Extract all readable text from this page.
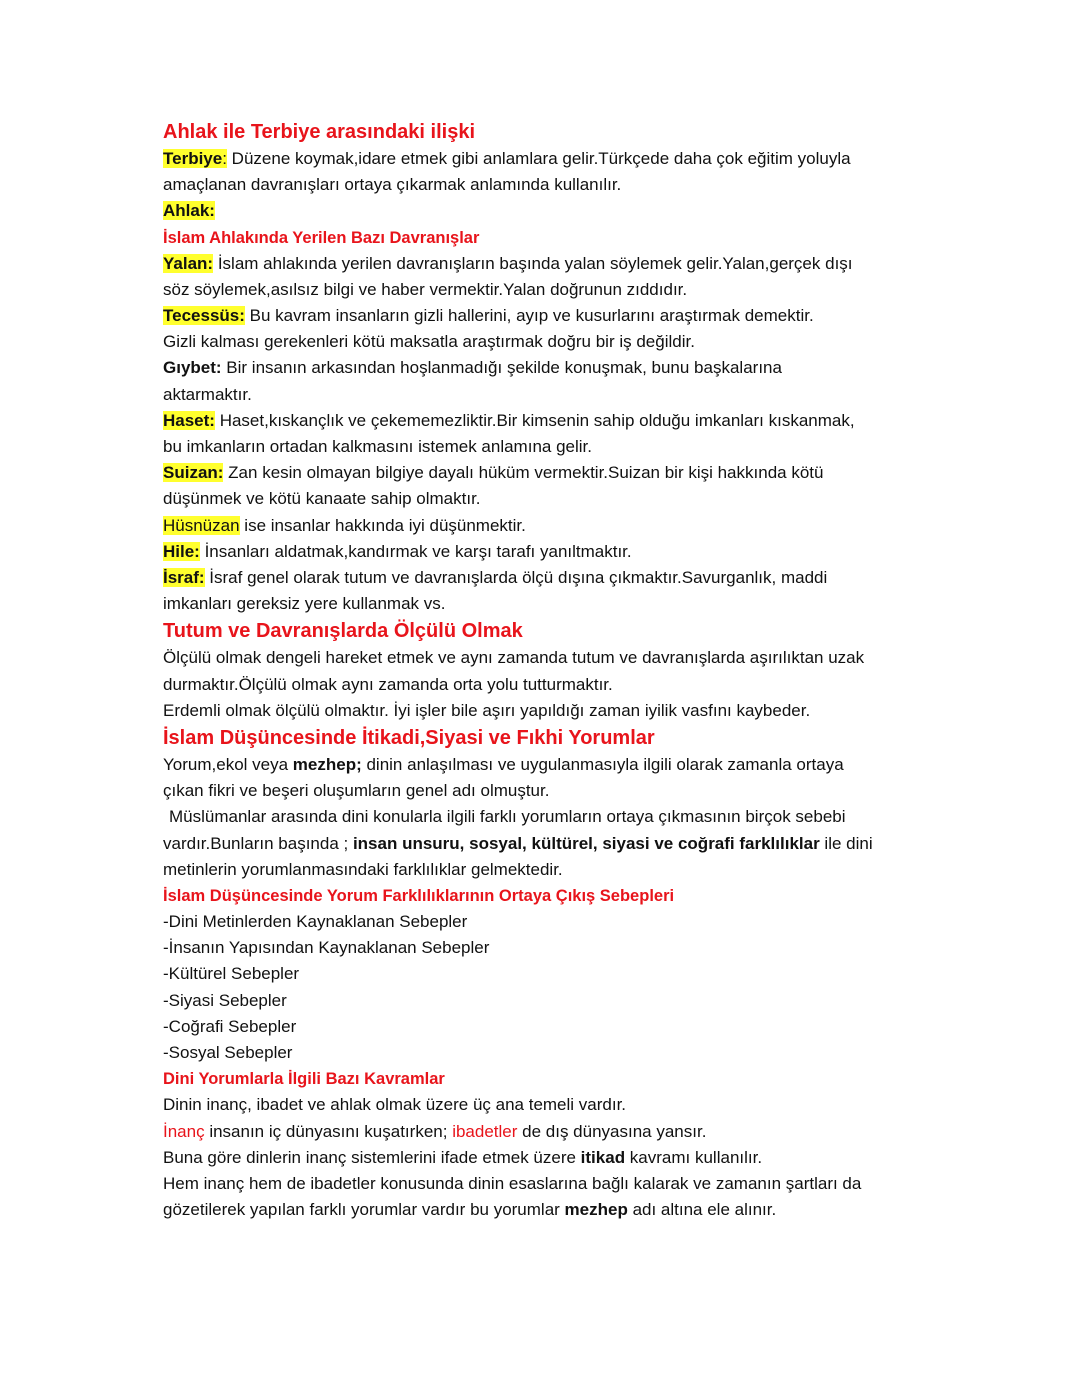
Ahlak ile Terbiye arasındaki ilişki

Terbiye: Düzene koymak,idare etmek gibi anlamlara gelir.Türkçede daha çok eğitim yoluyla

amaçlanan davranışları ortaya çıkarmak anlamında kullanılır.

Ahlak:

İslam Ahlakında Yerilen Bazı Davranışlar

Yalan: İslam ahlakında yerilen davranışların başında yalan söylemek gelir.Yalan,gerçek dışı

söz söylemek,asılsız bilgi ve haber vermektir.Yalan doğrunun zıddıdır.

Tecessüs: Bu kavram insanların gizli hallerini, ayıp ve kusurlarını araştırmak demektir.

Gizli kalması gerekenleri kötü maksatla araştırmak doğru bir iş değildir.

Gıybet: Bir insanın arkasından hoşlanmadığı şekilde konuşmak, bunu başkalarına

aktarmaktır.

Haset: Haset,kıskançlık ve çekememezliktir.Bir kimsenin sahip olduğu imkanları kıskanmak,

bu imkanların ortadan kalkmasını istemek anlamına gelir.

Suizan: Zan kesin olmayan bilgiye dayalı hüküm vermektir.Suizan bir kişi hakkında kötü

düşünmek ve kötü kanaate sahip olmaktır.

Hüsnüzan ise insanlar hakkında iyi düşünmektir.

Hile: İnsanları aldatmak,kandırmak ve karşı tarafı yanıltmaktır.

İsraf: İsraf genel olarak tutum ve davranışlarda ölçü dışına çıkmaktır.Savurganlık, maddi

imkanları gereksiz yere kullanmak vs.

Tutum ve Davranışlarda Ölçülü Olmak

Ölçülü olmak dengeli hareket etmek ve aynı zamanda tutum ve davranışlarda aşırılıktan uzak

durmaktır.Ölçülü olmak aynı zamanda orta yolu tutturmaktır.

Erdemli olmak ölçülü olmaktır. İyi işler bile aşırı yapıldığı zaman iyilik vasfını kaybeder.

İslam Düşüncesinde İtikadi,Siyasi ve Fıkhi Yorumlar

Yorum,ekol veya mezhep; dinin anlaşılması ve uygulanmasıyla ilgili olarak zamanla ortaya

çıkan fikri ve beşeri oluşumların genel adı olmuştur.

Müslümanlar arasında dini konularla ilgili farklı yorumların ortaya çıkmasının birçok sebebi

vardır.Bunların başında ; insan unsuru, sosyal, kültürel, siyasi ve coğrafi farklılıklar ile dini

metinlerin yorumlanmasındaki farklılıklar gelmektedir.

İslam Düşüncesinde Yorum Farklılıklarının Ortaya Çıkış Sebepleri

-Dini Metinlerden Kaynaklanan Sebepler

-İnsanın Yapısından Kaynaklanan Sebepler

-Kültürel Sebepler

-Siyasi Sebepler

-Coğrafi Sebepler

-Sosyal Sebepler

Dini Yorumlarla İlgili Bazı Kavramlar

Dinin inanç, ibadet ve ahlak olmak üzere üç ana temeli vardır.

İnanç insanın iç dünyasını kuşatırken; ibadetler de dış dünyasına yansır.

Buna göre dinlerin inanç sistemlerini ifade etmek üzere itikad kavramı kullanılır.

Hem inanç hem de ibadetler konusunda dinin esaslarına bağlı kalarak ve zamanın şartları da

gözetilerek yapılan farklı yorumlar vardır bu yorumlar mezhep adı altına ele alınır.
